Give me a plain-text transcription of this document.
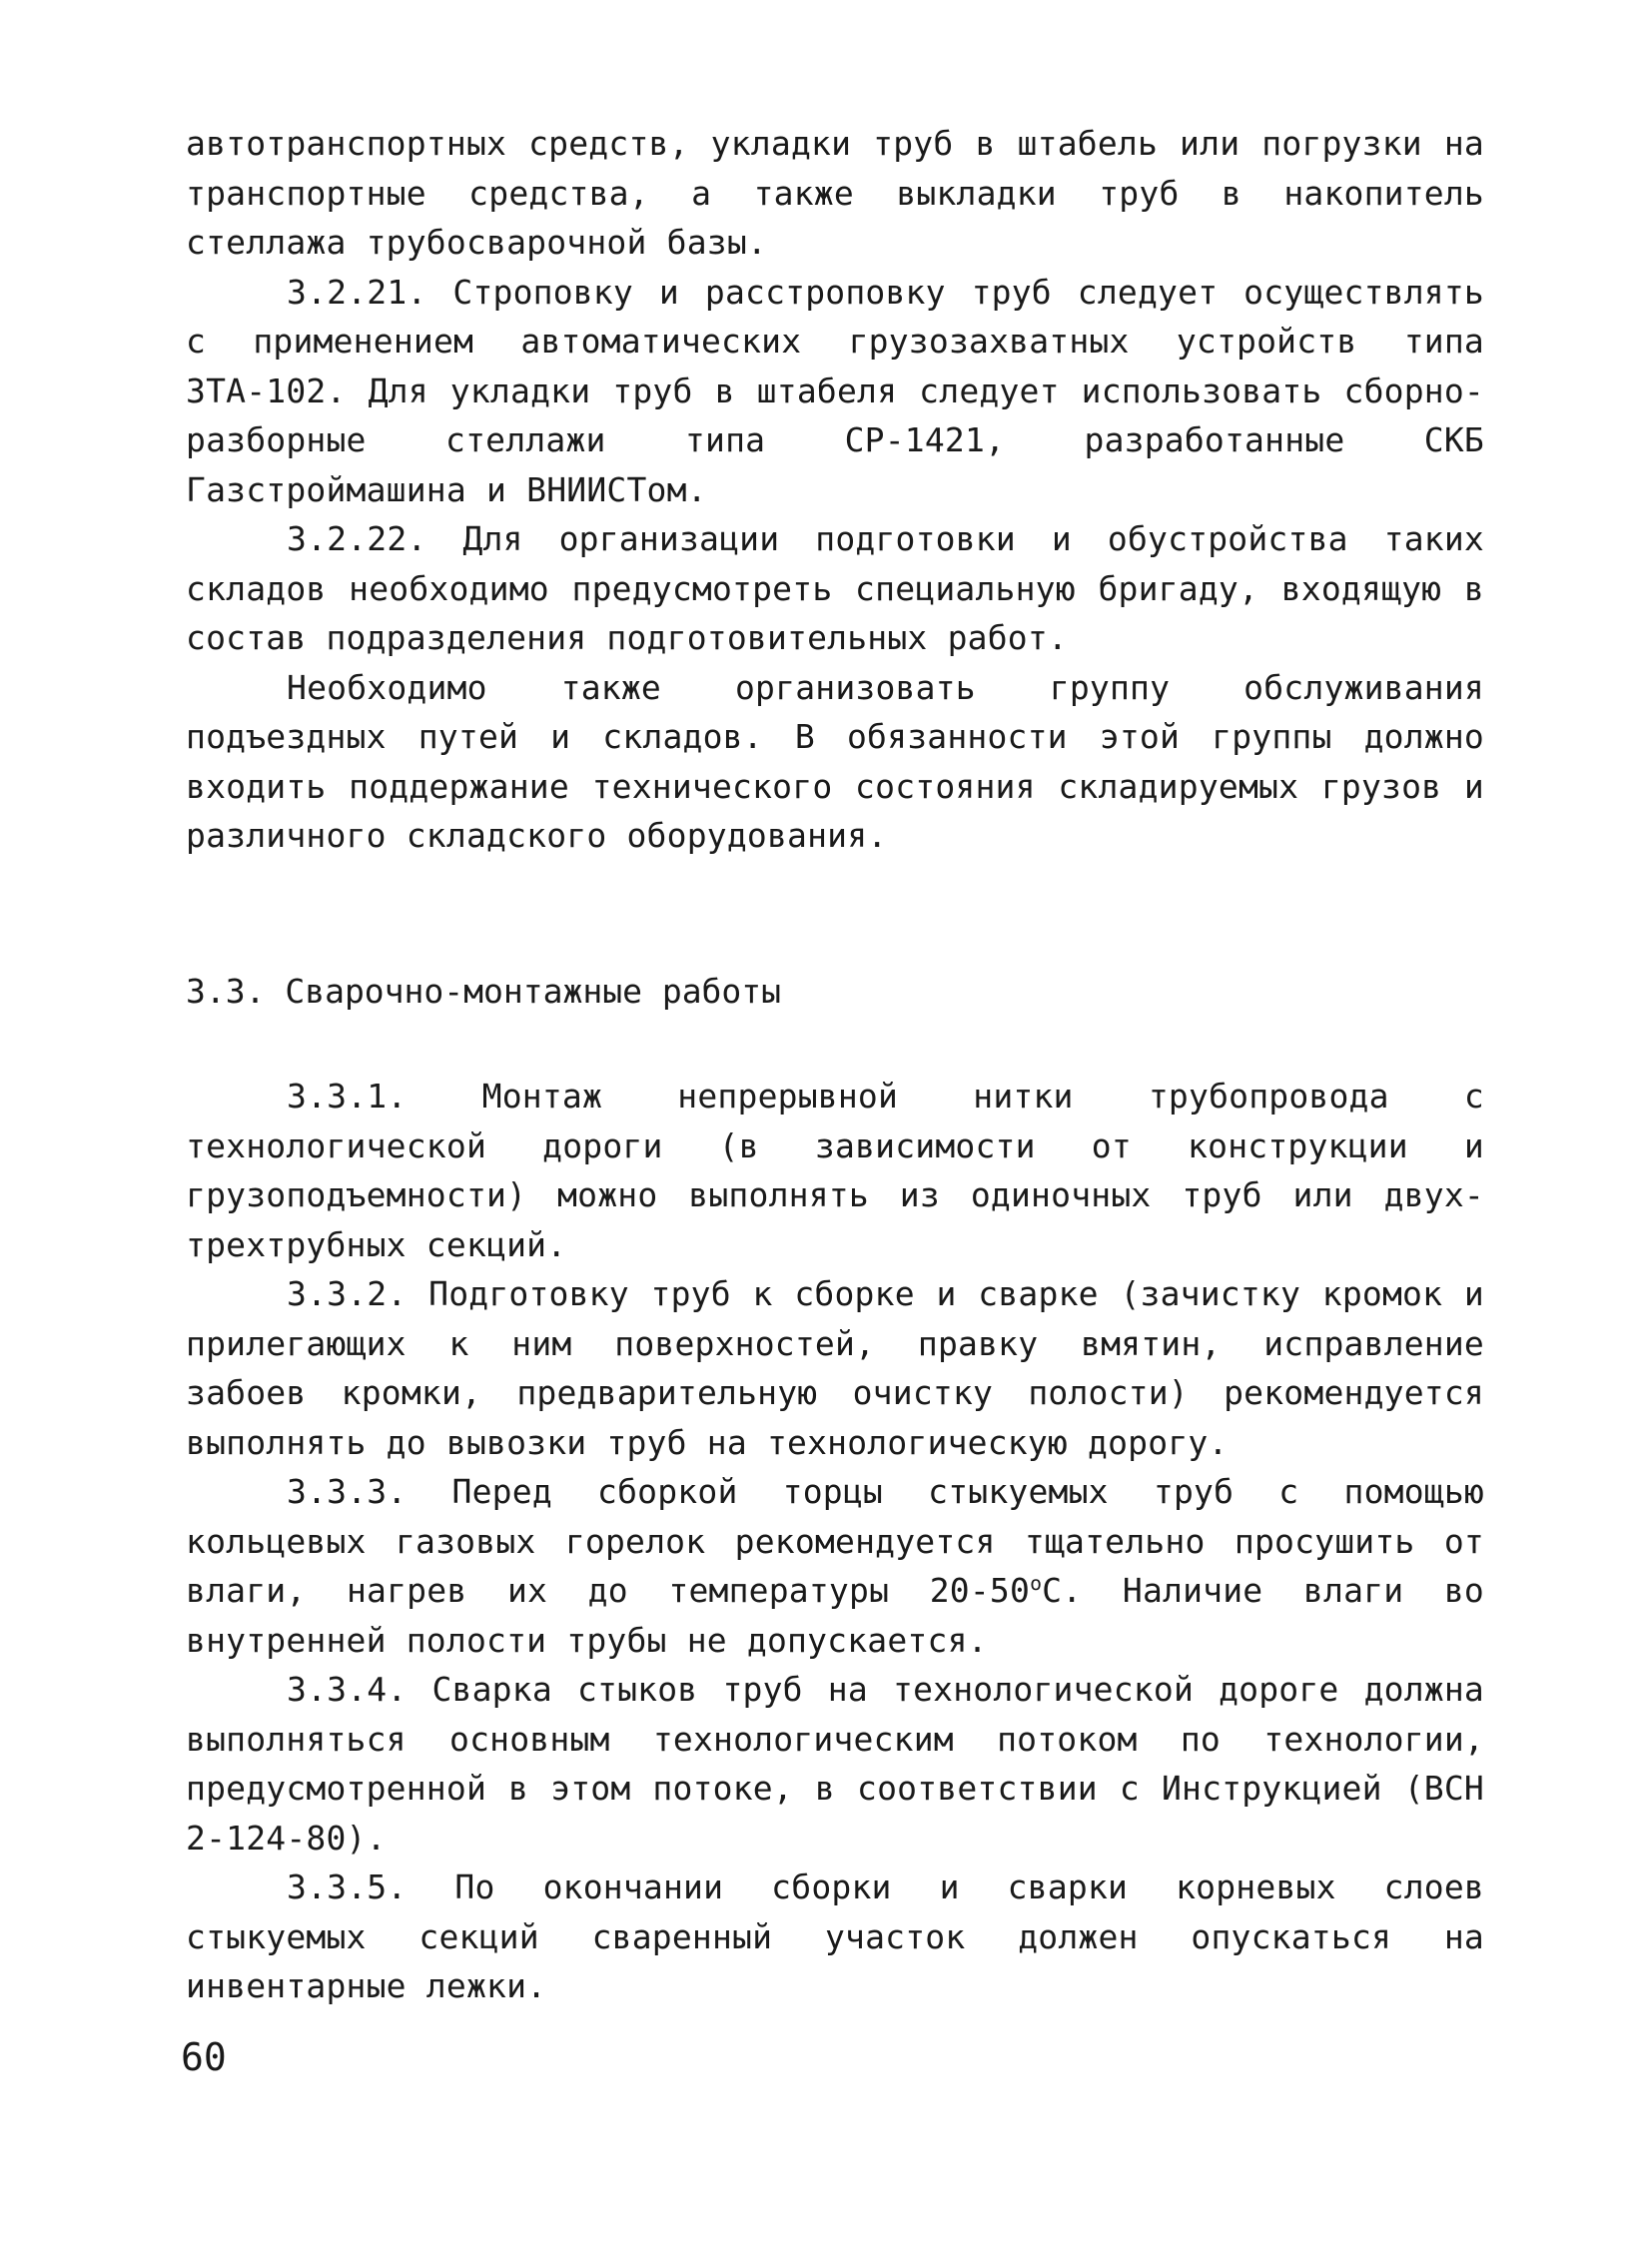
автотранспортных средств, укладки труб в штабель или погрузки на транспортные средства, а также выкладки труб в накопитель стеллажа трубосварочной базы.

3.2.21. Строповку и расстроповку труб следует осуществлять с применением автоматических грузозахватных устройств типа ЗТА-102. Для укладки труб в штабеля следует использовать сборно-разборные стеллажи типа СР-1421, разработанные СКБ Газстроймашина и ВНИИСТом.

3.2.22. Для организации подготовки и обустройства таких складов необходимо предусмотреть специальную бригаду, входящую в состав подразделения подготовительных работ.

Необходимо также организовать группу обслуживания подъездных путей и складов. В обязанности этой группы должно входить поддержание технического состояния складируемых грузов и различного складского оборудования.

3.3. Сварочно-монтажные работы

3.3.1. Монтаж непрерывной нитки трубопровода с технологической дороги (в зависимости от конструкции и грузоподъемности) можно выполнять из одиночных труб или двух-трехтрубных секций.

3.3.2. Подготовку труб к сборке и сварке (зачистку кромок и прилегающих к ним поверхностей, правку вмятин, исправление забоев кромки, предварительную очистку полости) рекомендуется выполнять до вывозки труб на технологическую дорогу.

3.3.3. Перед сборкой торцы стыкуемых труб с помощью кольцевых газовых горелок рекомендуется тщательно просушить от влаги, нагрев их до температуры $20-50^оС$. Наличие влаги во внутренней полости трубы не допускается.

3.3.4. Сварка стыков труб на технологической дороге должна выполняться основным технологическим потоком по технологии, предусмотренной в этом потоке, в соответствии с Инструкцией (ВСН 2-124-80).

3.3.5. По окончании сборки и сварки корневых слоев стыкуемых секций сваренный участок должен опускаться на инвентарные лежки.

60
